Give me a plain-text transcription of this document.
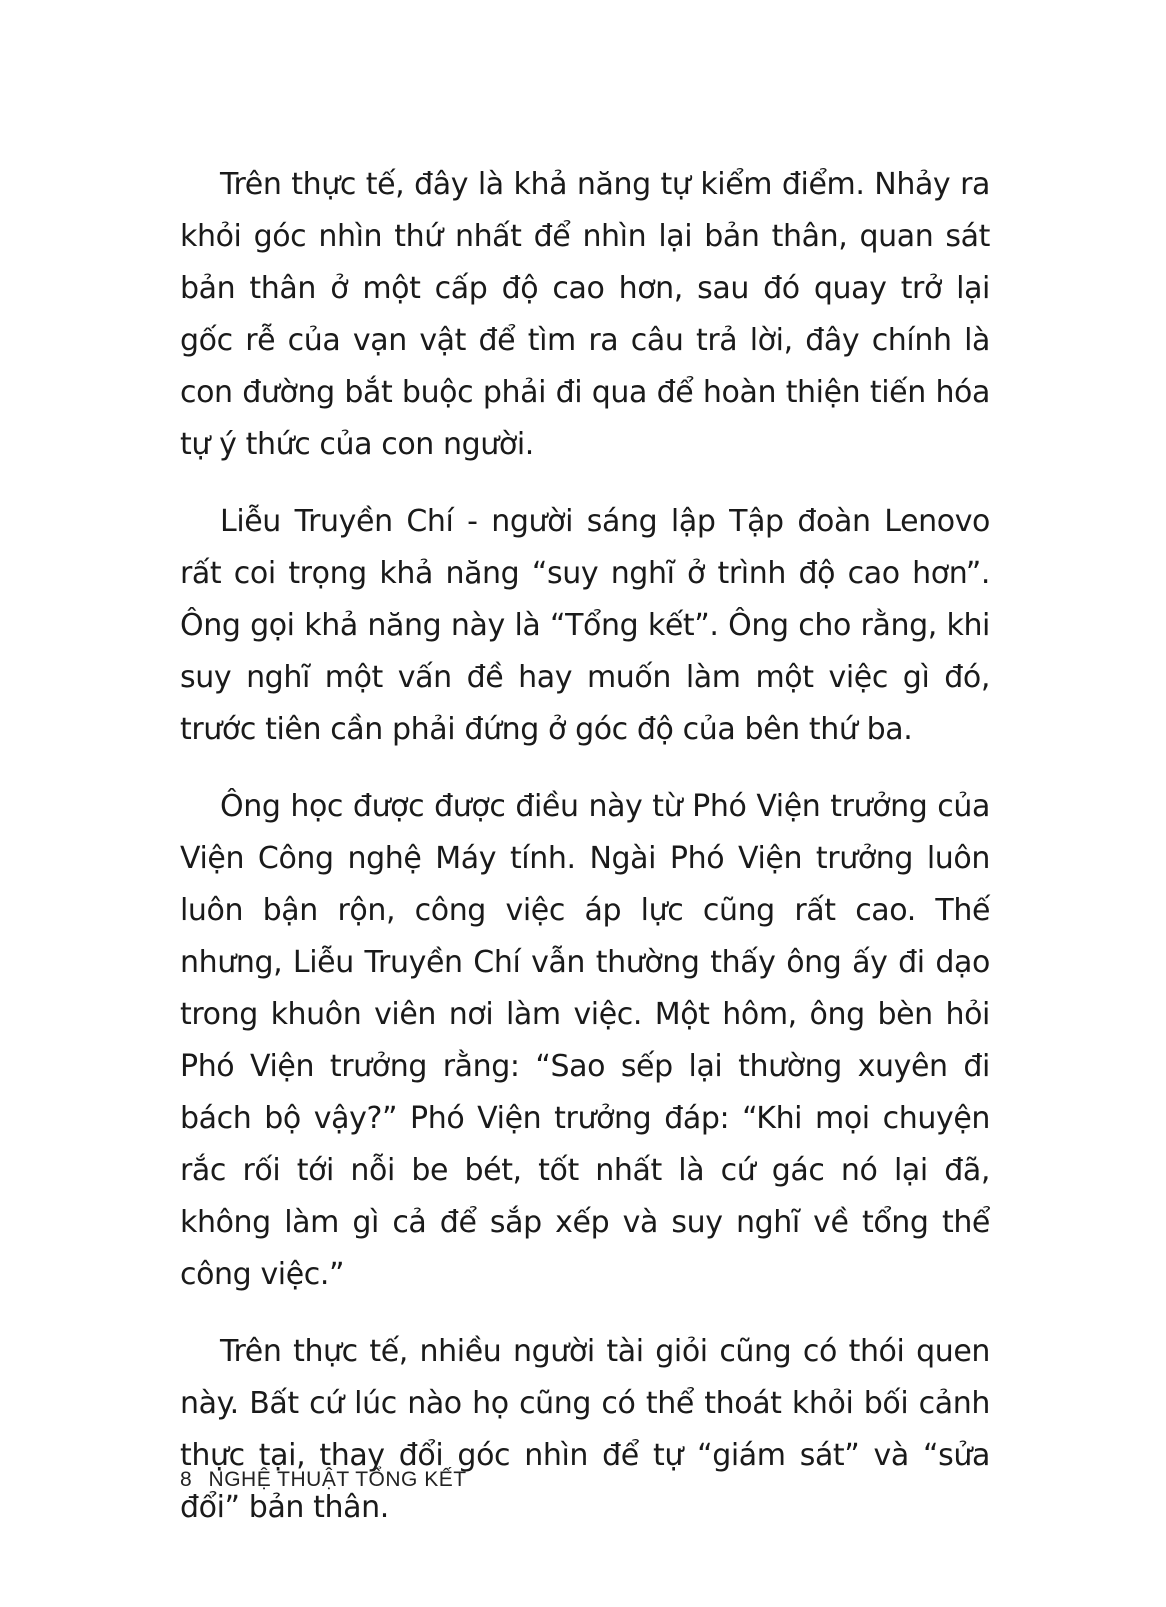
Trên thực tế, đây là khả năng tự kiểm điểm. Nhảy ra khỏi góc nhìn thứ nhất để nhìn lại bản thân, quan sát bản thân ở một cấp độ cao hơn, sau đó quay trở lại gốc rễ của vạn vật để tìm ra câu trả lời, đây chính là con đường bắt buộc phải đi qua để hoàn thiện tiến hóa tự ý thức của con người.

Liễu Truyền Chí - người sáng lập Tập đoàn Lenovo rất coi trọng khả năng “suy nghĩ ở trình độ cao hơn”. Ông gọi khả năng này là “Tổng kết”. Ông cho rằng, khi suy nghĩ một vấn đề hay muốn làm một việc gì đó, trước tiên cần phải đứng ở góc độ của bên thứ ba.

Ông học được được điều này từ Phó Viện trưởng của Viện Công nghệ Máy tính. Ngài Phó Viện trưởng luôn luôn bận rộn, công việc áp lực cũng rất cao. Thế nhưng, Liễu Truyền Chí vẫn thường thấy ông ấy đi dạo trong khuôn viên nơi làm việc. Một hôm, ông bèn hỏi Phó Viện trưởng rằng: “Sao sếp lại thường xuyên đi bách bộ vậy?” Phó Viện trưởng đáp: “Khi mọi chuyện rắc rối tới nỗi be bét, tốt nhất là cứ gác nó lại đã, không làm gì cả để sắp xếp và suy nghĩ về tổng thể công việc.”

Trên thực tế, nhiều người tài giỏi cũng có thói quen này. Bất cứ lúc nào họ cũng có thể thoát khỏi bối cảnh thực tại, thay đổi góc nhìn để tự “giám sát” và “sửa đổi” bản thân.

8 NGHỆ THUẬT TỔNG KẾT
